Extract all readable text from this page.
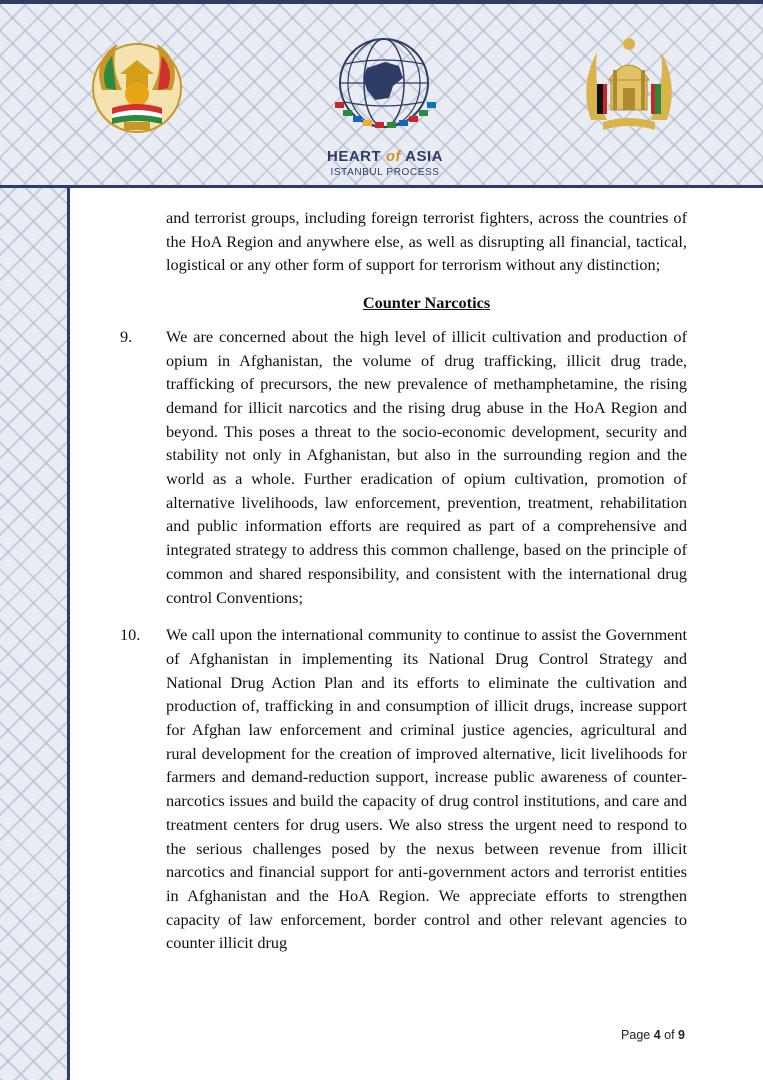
HEART of ASIA
ISTANBUL PROCESS
and terrorist groups, including foreign terrorist fighters, across the countries of the HoA Region and anywhere else, as well as disrupting all financial, tactical, logistical or any other form of support for terrorism without any distinction;
Counter Narcotics
9.	We are concerned about the high level of illicit cultivation and production of opium in Afghanistan, the volume of drug trafficking, illicit drug trade, trafficking of precursors, the new prevalence of methamphetamine, the rising demand for illicit narcotics and the rising drug abuse in the HoA Region and beyond. This poses a threat to the socio-economic development, security and stability not only in Afghanistan, but also in the surrounding region and the world as a whole. Further eradication of opium cultivation, promotion of alternative livelihoods, law enforcement, prevention, treatment, rehabilitation and public information efforts are required as part of a comprehensive and integrated strategy to address this common challenge, based on the principle of common and shared responsibility, and consistent with the international drug control Conventions;
10.	We call upon the international community to continue to assist the Government of Afghanistan in implementing its National Drug Control Strategy and National Drug Action Plan and its efforts to eliminate the cultivation and production of, trafficking in and consumption of illicit drugs, increase support for Afghan law enforcement and criminal justice agencies, agricultural and rural development for the creation of improved alternative, licit livelihoods for farmers and demand-reduction support, increase public awareness of counter-narcotics issues and build the capacity of drug control institutions, and care and treatment centers for drug users. We also stress the urgent need to respond to the serious challenges posed by the nexus between revenue from illicit narcotics and financial support for anti-government actors and terrorist entities in Afghanistan and the HoA Region. We appreciate efforts to strengthen capacity of law enforcement, border control and other relevant agencies to counter illicit drug
Page 4 of 9
